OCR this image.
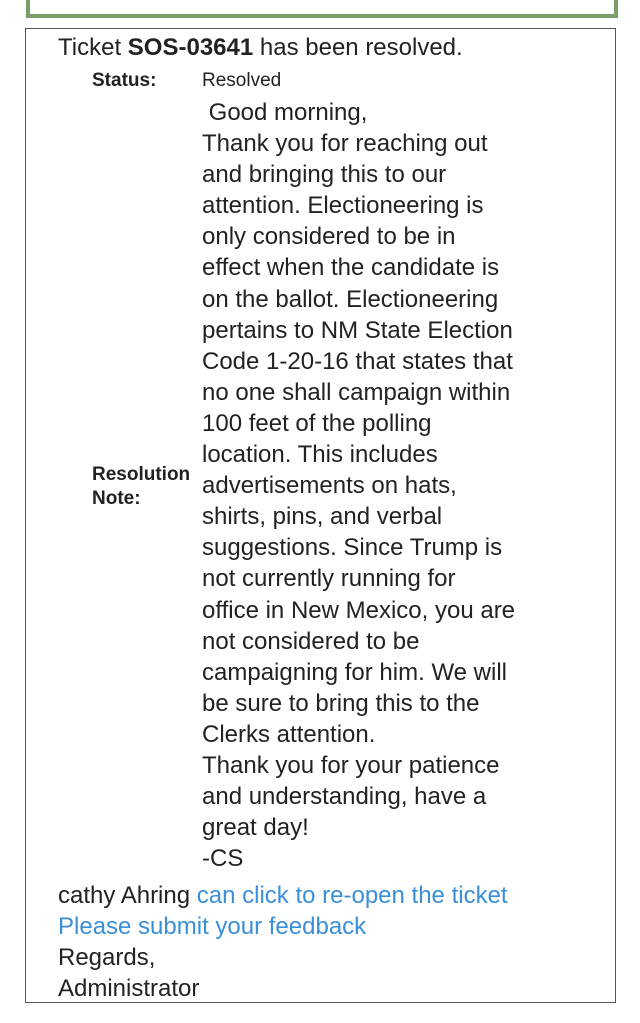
Ticket SOS-03641 has been resolved.
Status: Resolved
Resolution Note:
Good morning,
Thank you for reaching out
and bringing this to our
attention. Electioneering is
only considered to be in
effect when the candidate is
on the ballot. Electioneering
pertains to NM State Election
Code 1-20-16 that states that
no one shall campaign within
100 feet of the polling
location. This includes
advertisements on hats,
shirts, pins, and verbal
suggestions. Since Trump is
not currently running for
office in New Mexico, you are
not considered to be
campaigning for him. We will
be sure to bring this to the
Clerks attention.
Thank you for your patience
and understanding, have a
great day!
-CS
cathy Ahring can click to re-open the ticket
Please submit your feedback
Regards,
Administrator
